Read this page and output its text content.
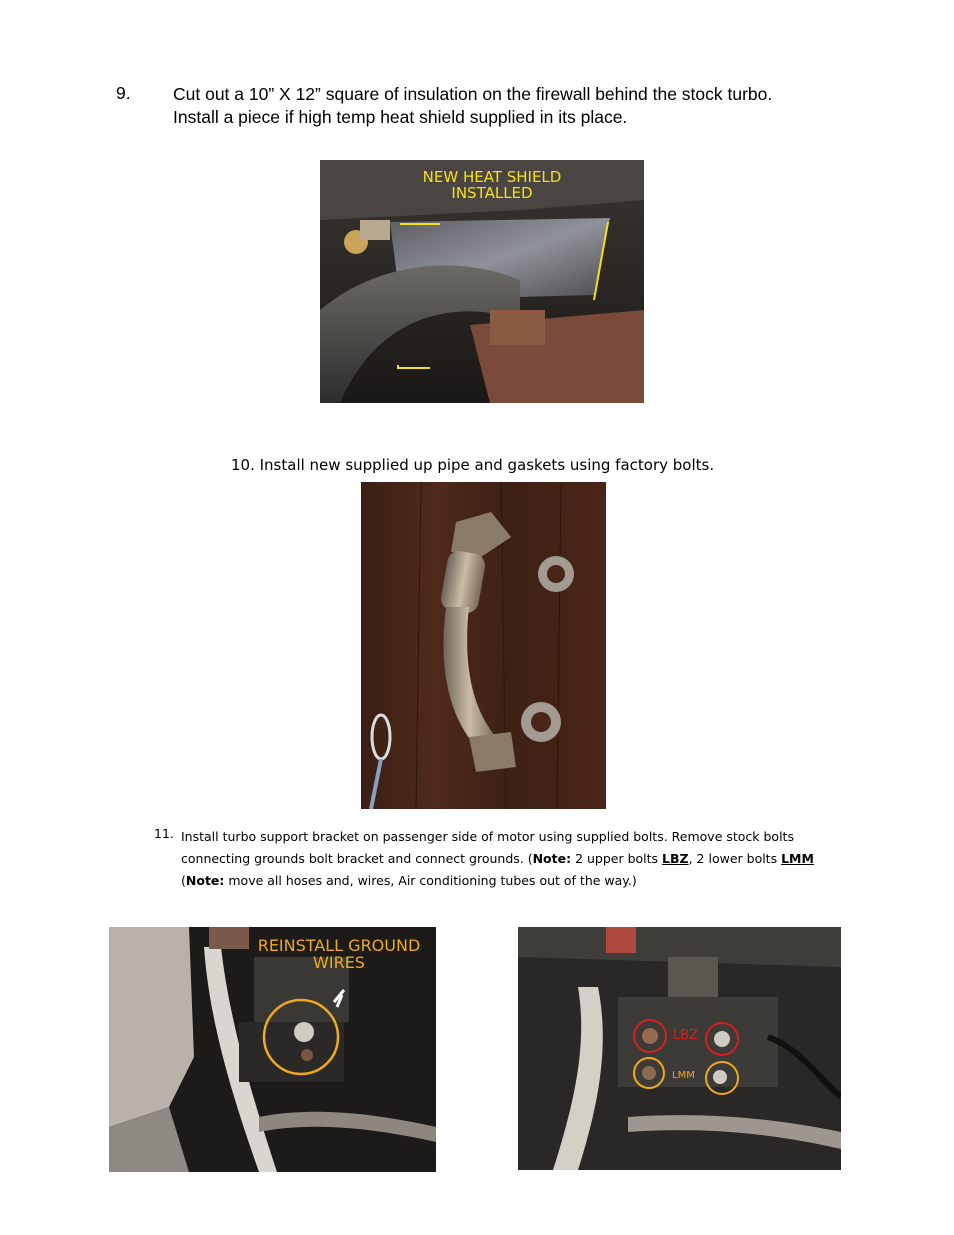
9. Cut out a 10” X 12” square of insulation on the firewall behind the stock turbo.
Install a piece if high temp heat shield supplied in its place.
NEW HEAT SHIELD
INSTALLED
10. Install new supplied up pipe and gaskets using factory bolts.
11. Install turbo support bracket on passenger side of motor using supplied bolts. Remove stock bolts
connecting grounds bolt bracket and connect grounds. (Note: 2 upper bolts LBZ, 2 lower bolts LMM
(Note: move all hoses and, wires, Air conditioning tubes out of the way.)
REINSTALL GROUND
WIRES
LBZ
LMM
